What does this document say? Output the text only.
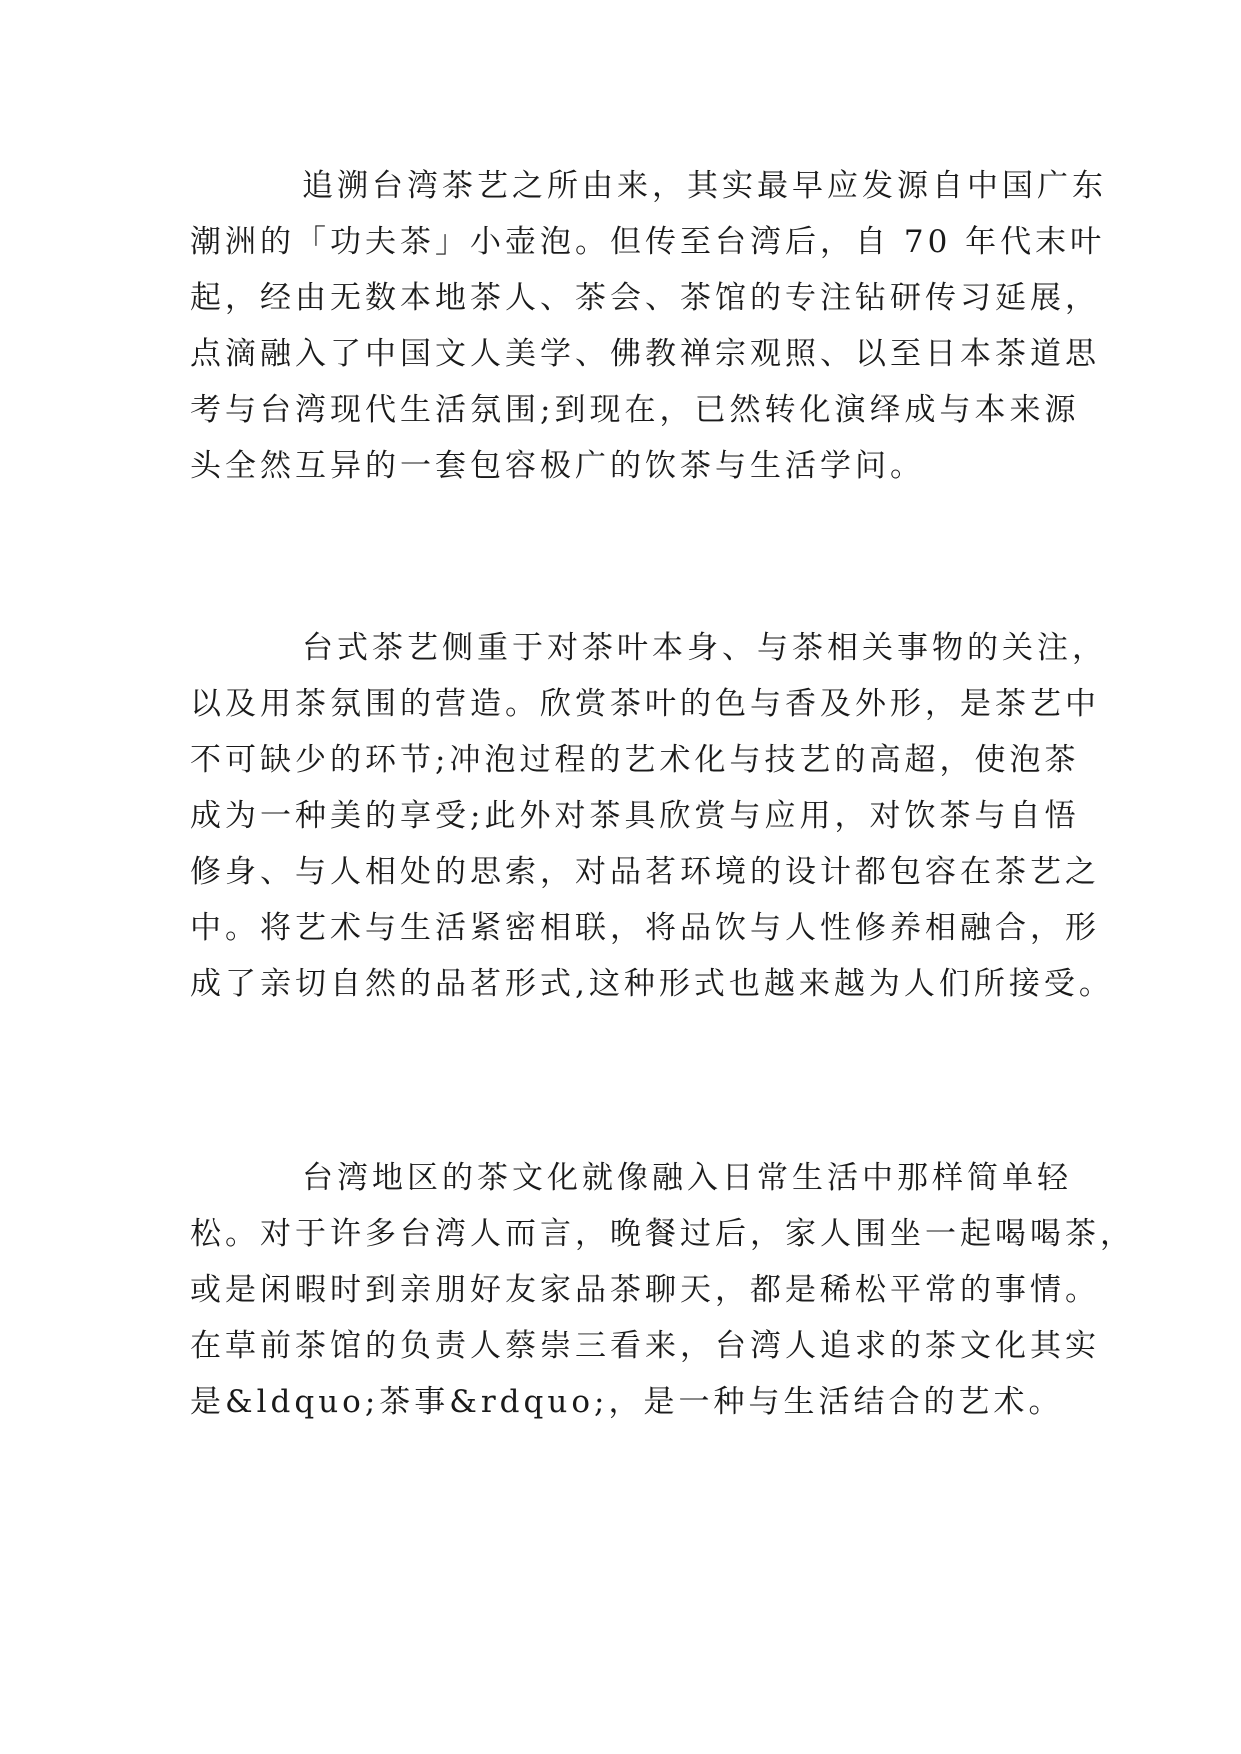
追溯台湾茶艺之所由来，其实最早应发源自中国广东
潮洲的「功夫茶」小壶泡。但传至台湾后，自 70 年代末叶
起，经由无数本地茶人、茶会、茶馆的专注钻研传习延展，
点滴融入了中国文人美学、佛教禅宗观照、以至日本茶道思
考与台湾现代生活氛围;到现在，已然转化演绎成与本来源
头全然互异的一套包容极广的饮茶与生活学问。

台式茶艺侧重于对茶叶本身、与茶相关事物的关注，
以及用茶氛围的营造。欣赏茶叶的色与香及外形，是茶艺中
不可缺少的环节;冲泡过程的艺术化与技艺的高超，使泡茶
成为一种美的享受;此外对茶具欣赏与应用，对饮茶与自悟
修身、与人相处的思索，对品茗环境的设计都包容在茶艺之
中。将艺术与生活紧密相联，将品饮与人性修养相融合，形
成了亲切自然的品茗形式,这种形式也越来越为人们所接受。

台湾地区的茶文化就像融入日常生活中那样简单轻
松。对于许多台湾人而言，晚餐过后，家人围坐一起喝喝茶，
或是闲暇时到亲朋好友家品茶聊天，都是稀松平常的事情。
在草前茶馆的负责人蔡崇三看来，台湾人追求的茶文化其实
是&ldquo;茶事&rdquo;，是一种与生活结合的艺术。
